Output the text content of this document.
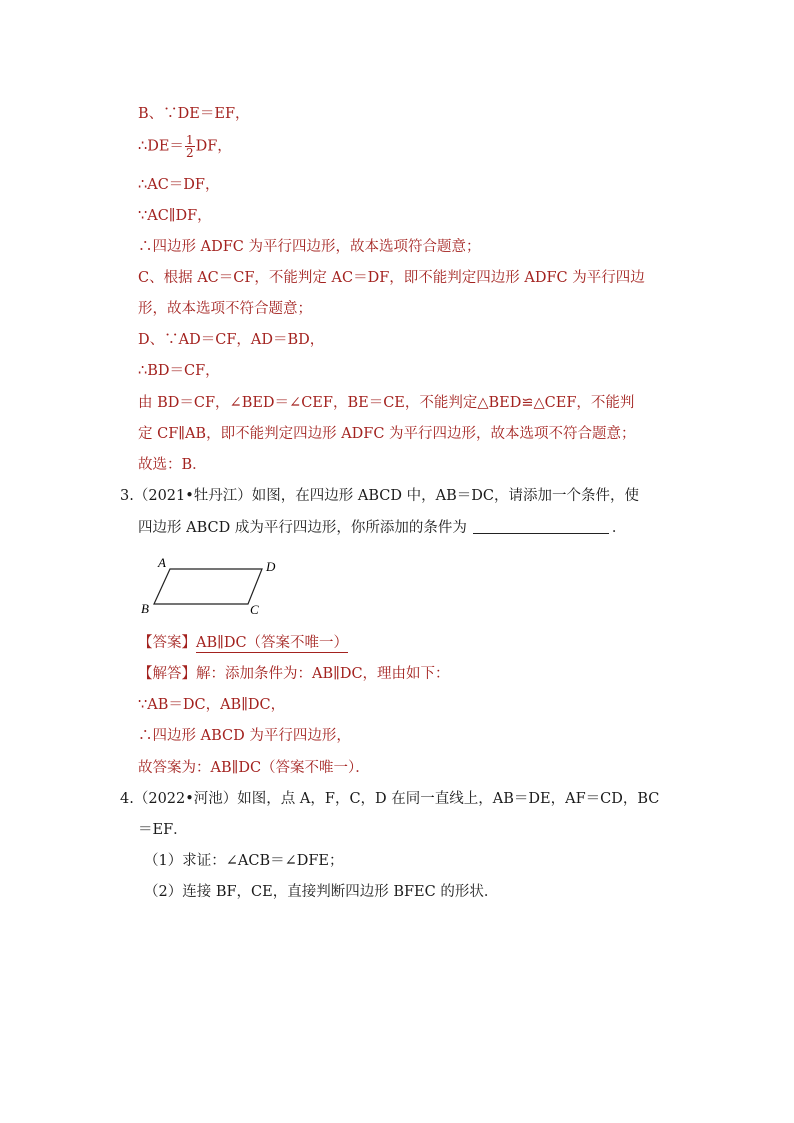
B、∵DE＝EF，
∴DE＝ $\frac{1}{2}$ DF，
∴AC＝DF，
∵AC∥DF，
∴四边形 ADFC 为平行四边形，故本选项符合题意；
C、根据 AC＝CF，不能判定 AC＝DF，即不能判定四边形 ADFC 为平行四边
形，故本选项不符合题意；
D、∵AD＝CF，AD＝BD，
∴BD＝CF，
由 BD＝CF，∠BED＝∠CEF，BE＝CE，不能判定△BED≌△CEF，不能判
定 CF∥AB，即不能判定四边形 ADFC 为平行四边形，故本选项不符合题意；
故选：B．
3.（2021•牡丹江）如图，在四边形 ABCD 中，AB＝DC，请添加一个条件，使
四边形 ABCD 成为平行四边形，你所添加的条件为	．
A	D
B	C
【答案】AB∥DC（答案不唯一）
【解答】解：添加条件为：AB∥DC，理由如下：
∵AB＝DC，AB∥DC，
∴四边形 ABCD 为平行四边形，
故答案为：AB∥DC（答案不唯一）．
4.（2022•河池）如图，点 A，F，C，D 在同一直线上，AB＝DE，AF＝CD，BC
＝EF．
（1）求证：∠ACB＝∠DFE；
（2）连接 BF，CE，直接判断四边形 BFEC 的形状．
